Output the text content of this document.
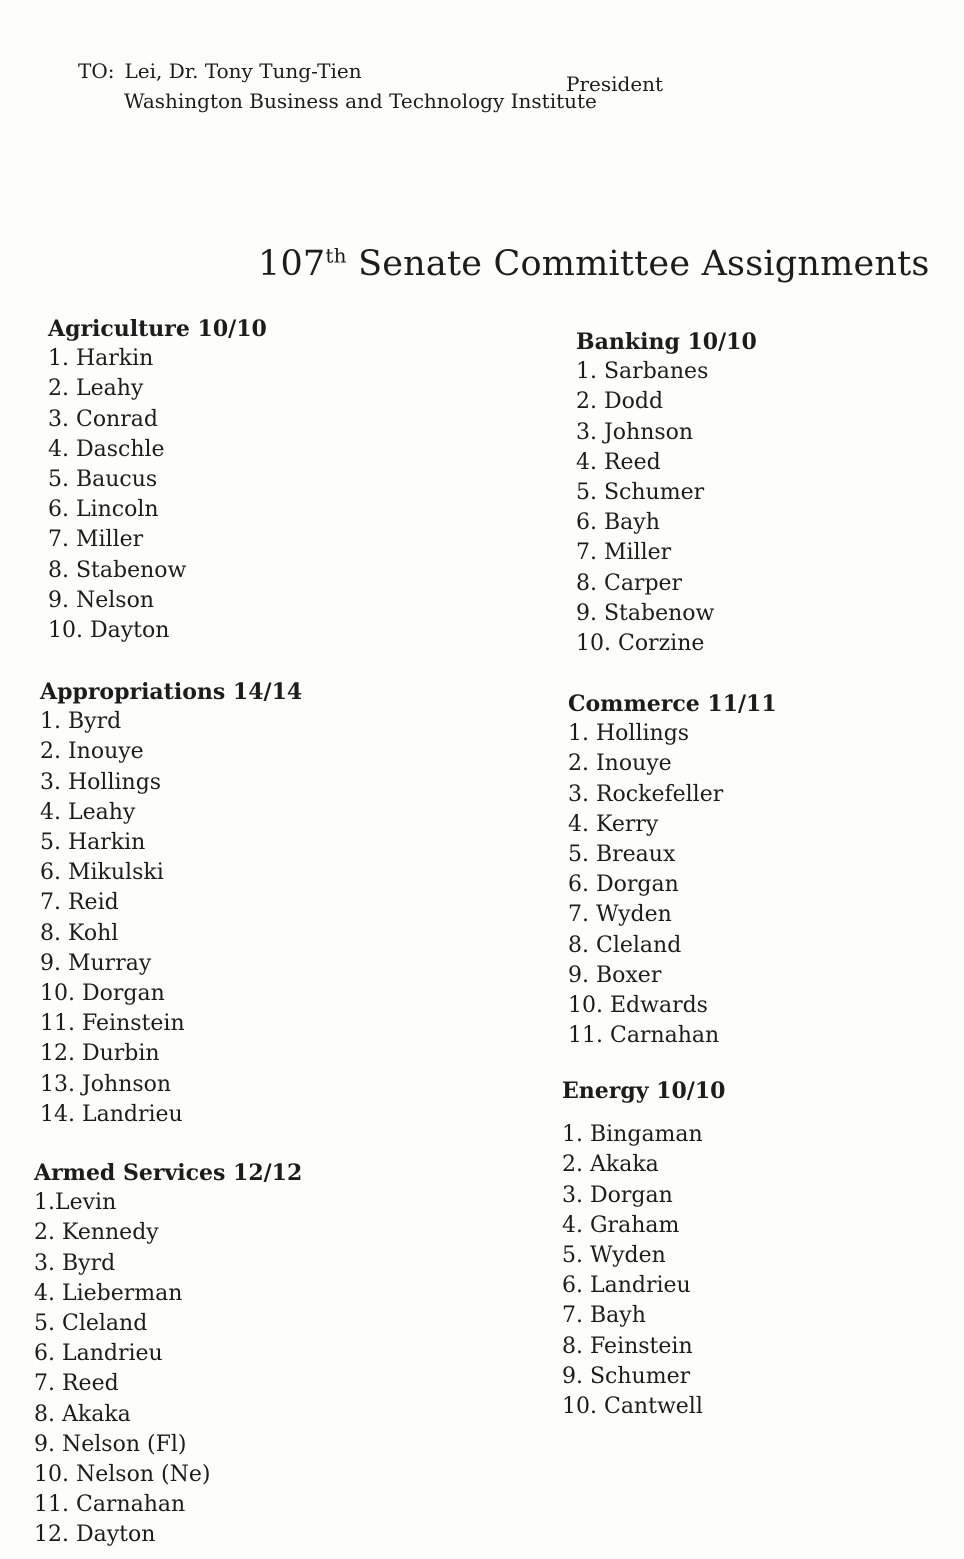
TO: Lei, Dr. Tony Tung-Tien
Washington Business and Technology Institute
President
107th Senate Committee Assignments
Agriculture 10/10
1. Harkin
2. Leahy
3. Conrad
4. Daschle
5. Baucus
6. Lincoln
7. Miller
8. Stabenow
9. Nelson
10. Dayton
Appropriations 14/14
1. Byrd
2. Inouye
3. Hollings
4. Leahy
5. Harkin
6. Mikulski
7. Reid
8. Kohl
9. Murray
10. Dorgan
11. Feinstein
12. Durbin
13. Johnson
14. Landrieu
Armed Services 12/12
1.Levin
2. Kennedy
3. Byrd
4. Lieberman
5. Cleland
6. Landrieu
7. Reed
8. Akaka
9. Nelson (Fl)
10. Nelson (Ne)
11. Carnahan
12. Dayton
Banking 10/10
1. Sarbanes
2. Dodd
3. Johnson
4. Reed
5. Schumer
6. Bayh
7. Miller
8. Carper
9. Stabenow
10. Corzine
Commerce 11/11
1. Hollings
2. Inouye
3. Rockefeller
4. Kerry
5. Breaux
6. Dorgan
7. Wyden
8. Cleland
9. Boxer
10. Edwards
11. Carnahan
Energy 10/10
1. Bingaman
2. Akaka
3. Dorgan
4. Graham
5. Wyden
6. Landrieu
7. Bayh
8. Feinstein
9. Schumer
10. Cantwell
